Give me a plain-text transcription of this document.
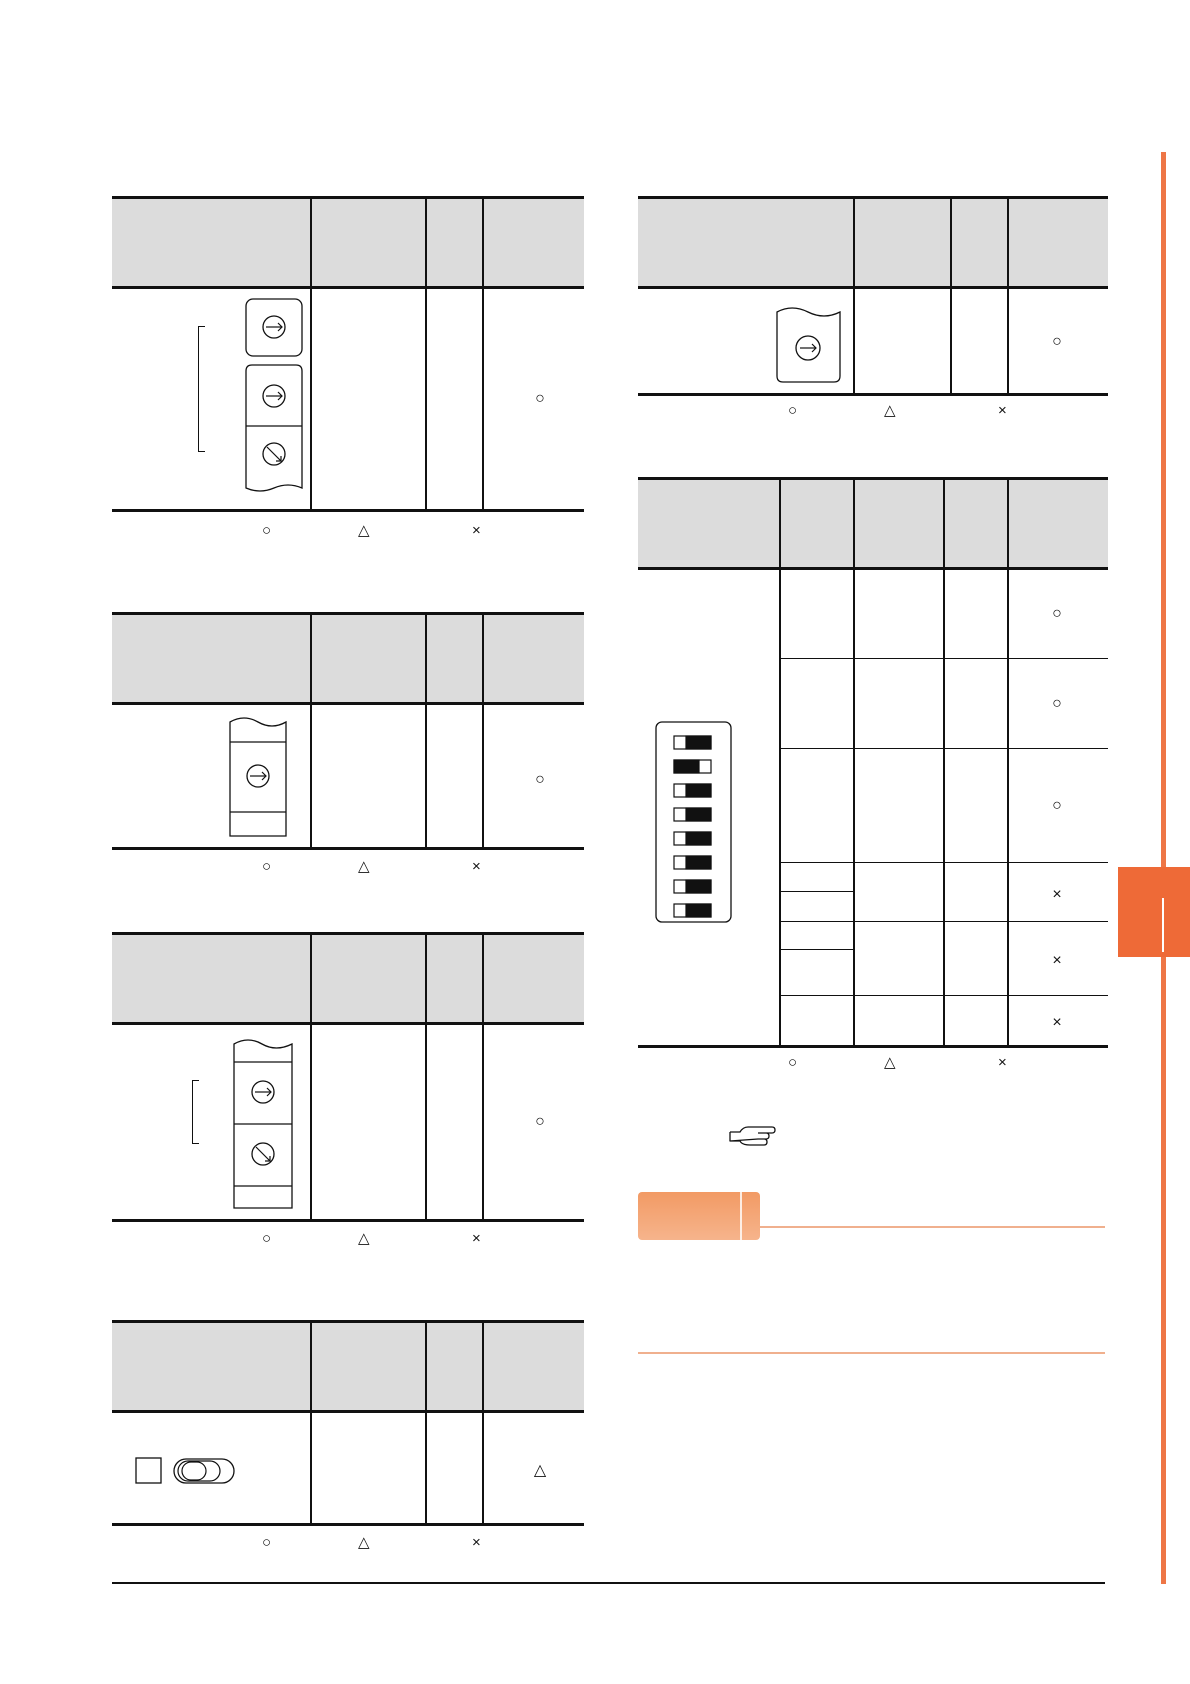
○
○	△	×
○
○	△	×
○
○	△	×
△
○	△	×
○
○	△	×
○
○
○
×
×
×
○	△	×
